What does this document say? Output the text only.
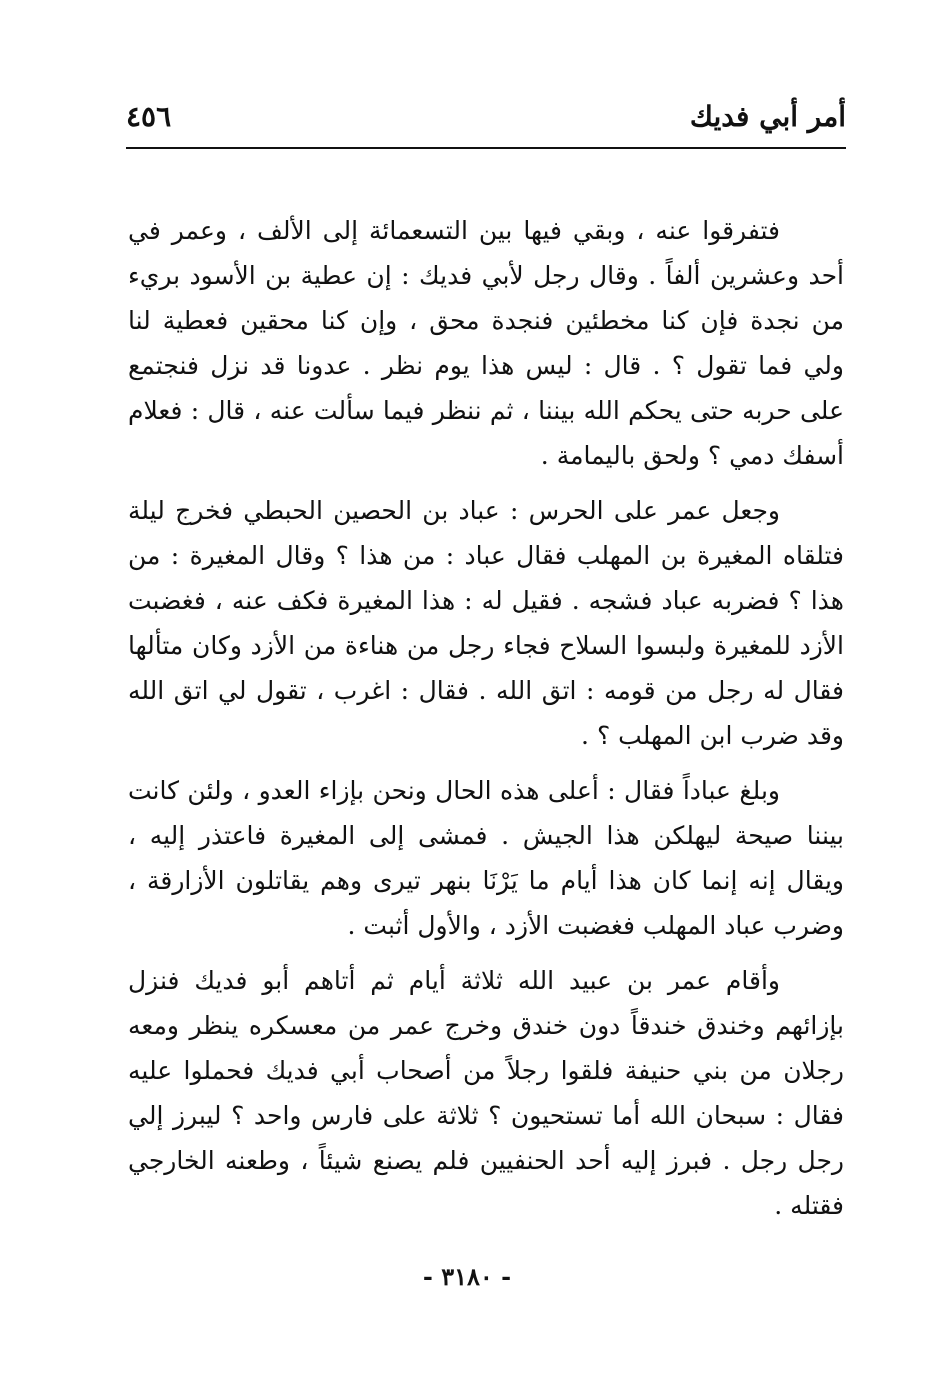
أمر أبي فديك
٤٥٦

فتفرقوا عنه ، وبقي فيها بين التسعمائة إلى الألف ، وعمر في أحد وعشرين ألفاً . وقال رجل لأبي فديك : إن عطية بن الأسود بريء من نجدة فإن كنا مخطئين فنجدة محق ، وإن كنا محقين فعطية لنا ولي فما تقول ؟ . قال : ليس هذا يوم نظر . عدونا قد نزل فنجتمع على حربه حتى يحكم الله بيننا ، ثم ننظر فيما سألت عنه ، قال : فعلام أسفك دمي ؟ ولحق باليمامة .

وجعل عمر على الحرس : عباد بن الحصين الحبطي فخرج ليلة فتلقاه المغيرة بن المهلب فقال عباد : من هذا ؟ وقال المغيرة : من هذا ؟ فضربه عباد فشجه . فقيل له : هذا المغيرة فكف عنه ، فغضبت الأزد للمغيرة ولبسوا السلاح فجاء رجل من هناءة من الأزد وكان متألها فقال له رجل من قومه : اتق الله . فقال : اغرب ، تقول لي اتق الله وقد ضرب ابن المهلب ؟ .

وبلغ عباداً فقال : أعلى هذه الحال ونحن بإزاء العدو ، ولئن كانت بيننا صيحة ليهلكن هذا الجيش . فمشى إلى المغيرة فاعتذر إليه ، ويقال إنه إنما كان هذا أيام ما يَرْنَا بنهر تيرى وهم يقاتلون الأزارقة ، وضرب عباد المهلب فغضبت الأزد ، والأول أثبت .

وأقام عمر بن عبيد الله ثلاثة أيام ثم أتاهم أبو فديك فنزل بإزائهم وخندق خندقاً دون خندق وخرج عمر من معسكره ينظر ومعه رجلان من بني حنيفة فلقوا رجلاً من أصحاب أبي فديك فحملوا عليه فقال : سبحان الله أما تستحيون ؟ ثلاثة على فارس واحد ؟ ليبرز إلي رجل رجل . فبرز إليه أحد الحنفيين فلم يصنع شيئاً ، وطعنه الخارجي فقتله .

- ٣١٨٠ -
